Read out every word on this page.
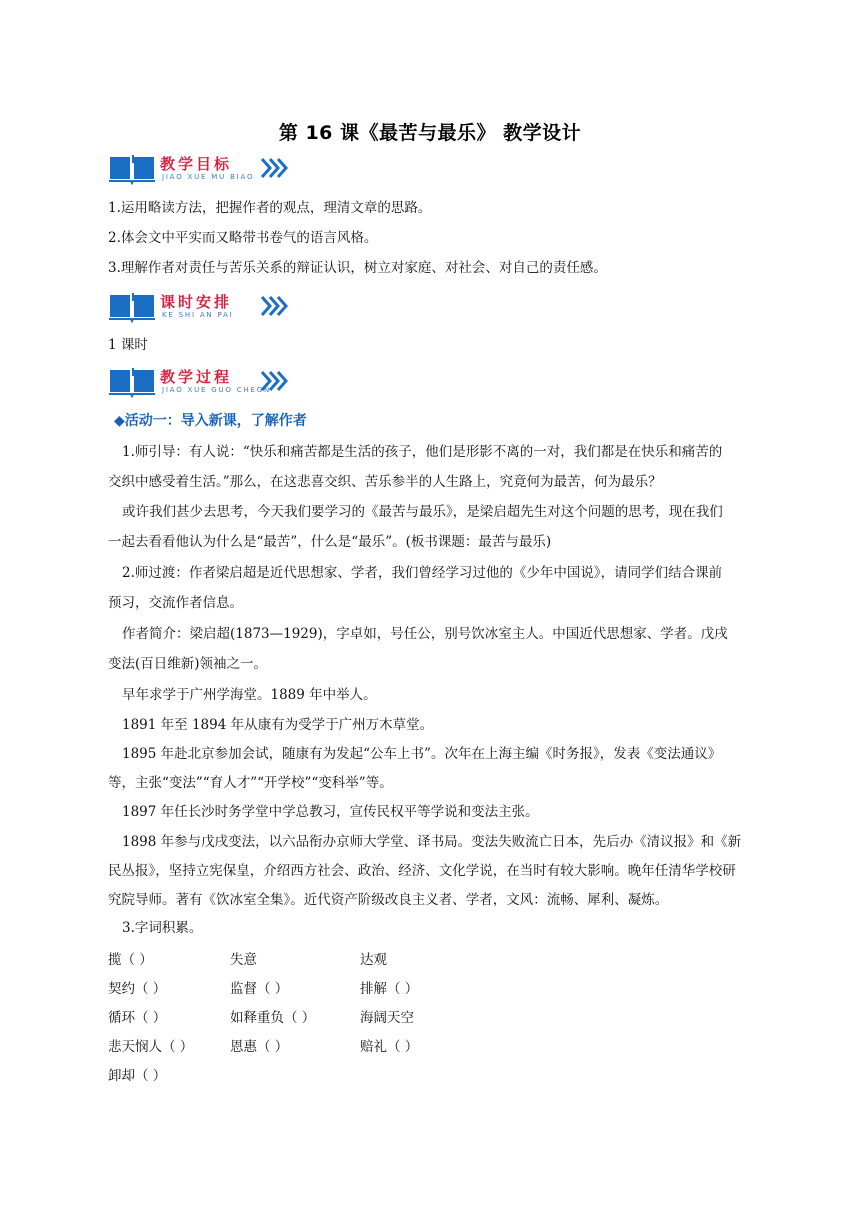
第 16 课《最苦与最乐》 教学设计
教学目标
JIAO XUE MU BIAO
1.运用略读方法，把握作者的观点，理清文章的思路。
2.体会文中平实而又略带书卷气的语言风格。
3.理解作者对责任与苦乐关系的辩证认识，树立对家庭、对社会、对自己的责任感。
课时安排
KE SHI AN PAI
1 课时
教学过程
JIAO XUE GUO CHEGN
◆活动一：导入新课，了解作者
1.师引导：有人说：“快乐和痛苦都是生活的孩子，他们是形影不离的一对，我们都是在快乐和痛苦的
交织中感受着生活。”那么，在这悲喜交织、苦乐参半的人生路上，究竟何为最苦，何为最乐？
或许我们甚少去思考，今天我们要学习的《最苦与最乐》，是梁启超先生对这个问题的思考，现在我们
一起去看看他认为什么是“最苦”，什么是“最乐”。(板书课题：最苦与最乐)
2.师过渡：作者梁启超是近代思想家、学者，我们曾经学习过他的《少年中国说》，请同学们结合课前
预习，交流作者信息。
作者简介：梁启超(1873—1929)，字卓如，号任公，别号饮冰室主人。中国近代思想家、学者。戊戌
变法(百日维新)领袖之一。
早年求学于广州学海堂。1889 年中举人。
1891 年至 1894 年从康有为受学于广州万木草堂。
1895 年赴北京参加会试，随康有为发起“公车上书”。次年在上海主编《时务报》，发表《变法通议》
等，主张“变法”“育人才”“开学校”“变科举”等。
1897 年任长沙时务学堂中学总教习，宣传民权平等学说和变法主张。
1898 年参与戊戌变法，以六品衔办京师大学堂、译书局。变法失败流亡日本，先后办《清议报》和《新
民丛报》，坚持立宪保皇，介绍西方社会、政治、经济、文化学说，在当时有较大影响。晚年任清华学校研
究院导师。著有《饮冰室全集》。近代资产阶级改良主义者、学者，文风：流畅、犀利、凝炼。
3.字词积累。
揽（ ）	失意	达观
契约（ ）	监督（ ）	排解（ ）
循环（ ）	如释重负（ ）	海阔天空
悲天悯人（ ）	恩惠（ ）	赔礼（ ）
卸却（ ）
